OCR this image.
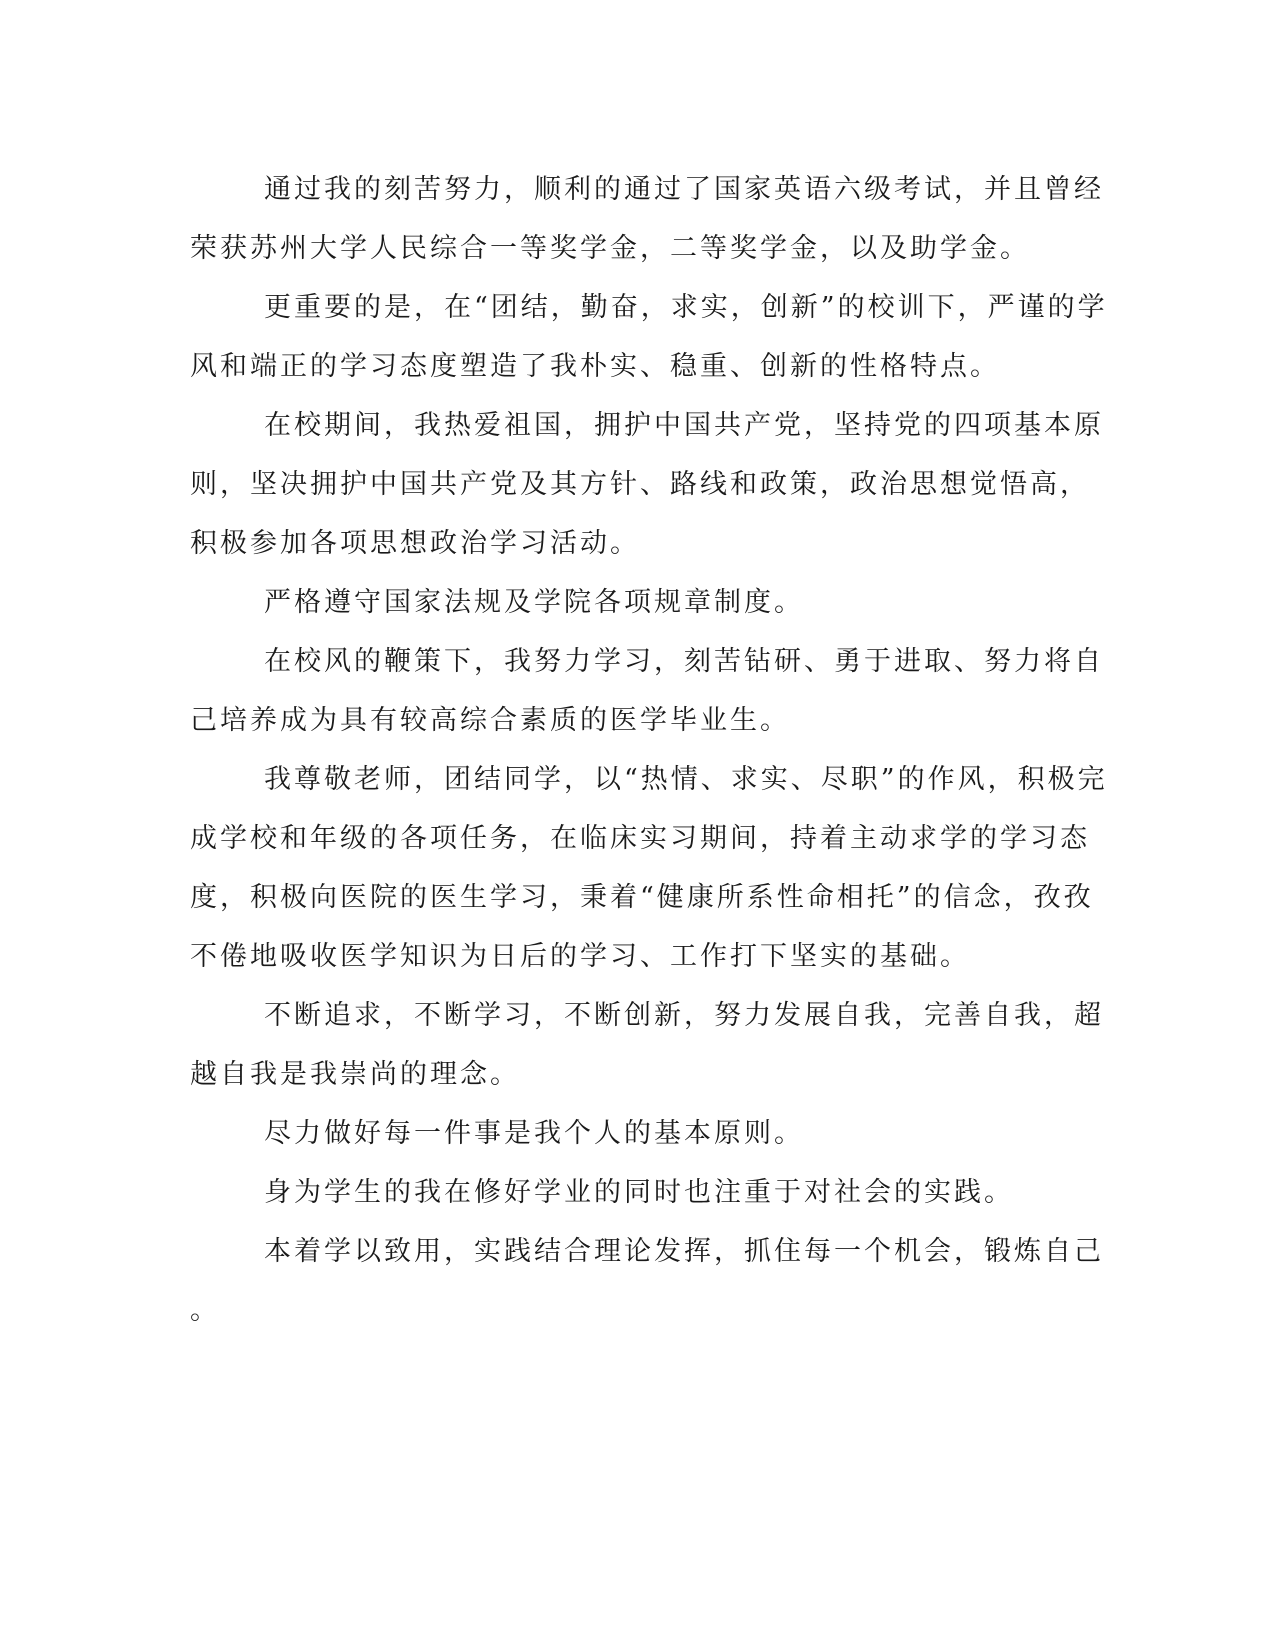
通过我的刻苦努力，顺利的通过了国家英语六级考试，并且曾经
荣获苏州大学人民综合一等奖学金，二等奖学金，以及助学金。
更重要的是，在“团结，勤奋，求实，创新”的校训下，严谨的学
风和端正的学习态度塑造了我朴实、稳重、创新的性格特点。
在校期间，我热爱祖国，拥护中国共产党，坚持党的四项基本原
则，坚决拥护中国共产党及其方针、路线和政策，政治思想觉悟高，
积极参加各项思想政治学习活动。
严格遵守国家法规及学院各项规章制度。
在校风的鞭策下，我努力学习，刻苦钻研、勇于进取、努力将自
己培养成为具有较高综合素质的医学毕业生。
我尊敬老师，团结同学，以“热情、求实、尽职”的作风，积极完
成学校和年级的各项任务，在临床实习期间，持着主动求学的学习态
度，积极向医院的医生学习，秉着“健康所系性命相托”的信念，孜孜
不倦地吸收医学知识为日后的学习、工作打下坚实的基础。
不断追求，不断学习，不断创新，努力发展自我，完善自我，超
越自我是我崇尚的理念。
尽力做好每一件事是我个人的基本原则。
身为学生的我在修好学业的同时也注重于对社会的实践。
本着学以致用，实践结合理论发挥，抓住每一个机会，锻炼自己
。
